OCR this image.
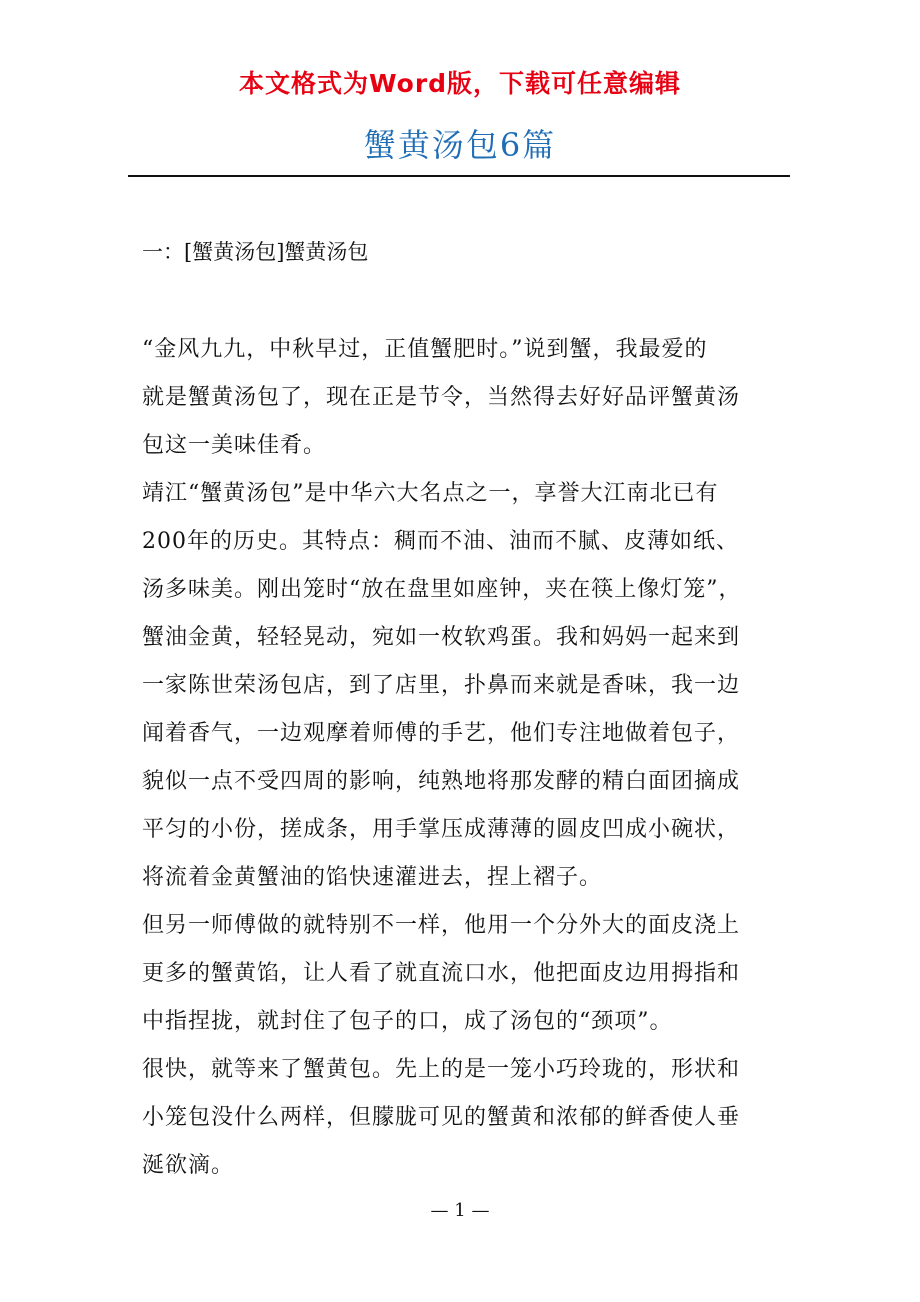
本文格式为Word版，下载可任意编辑
蟹黄汤包6篇
一：[蟹黄汤包]蟹黄汤包
“金风九九，中秋早过，正值蟹肥时。”说到蟹，我最爱的
就是蟹黄汤包了，现在正是节令，当然得去好好品评蟹黄汤
包这一美味佳肴。
靖江“蟹黄汤包”是中华六大名点之一，享誉大江南北已有
200年的历史。其特点：稠而不油、油而不腻、皮薄如纸、
汤多味美。刚出笼时“放在盘里如座钟，夹在筷上像灯笼”，
蟹油金黄，轻轻晃动，宛如一枚软鸡蛋。我和妈妈一起来到
一家陈世荣汤包店，到了店里，扑鼻而来就是香味，我一边
闻着香气，一边观摩着师傅的手艺，他们专注地做着包子，
貌似一点不受四周的影响，纯熟地将那发酵的精白面团摘成
平匀的小份，搓成条，用手掌压成薄薄的圆皮凹成小碗状，
将流着金黄蟹油的馅快速灌进去，捏上褶子。
但另一师傅做的就特别不一样，他用一个分外大的面皮浇上
更多的蟹黄馅，让人看了就直流口水，他把面皮边用拇指和
中指捏拢，就封住了包子的口，成了汤包的“颈项”。
很快，就等来了蟹黄包。先上的是一笼小巧玲珑的，形状和
小笼包没什么两样，但朦胧可见的蟹黄和浓郁的鲜香使人垂
涎欲滴。
— 1 —
